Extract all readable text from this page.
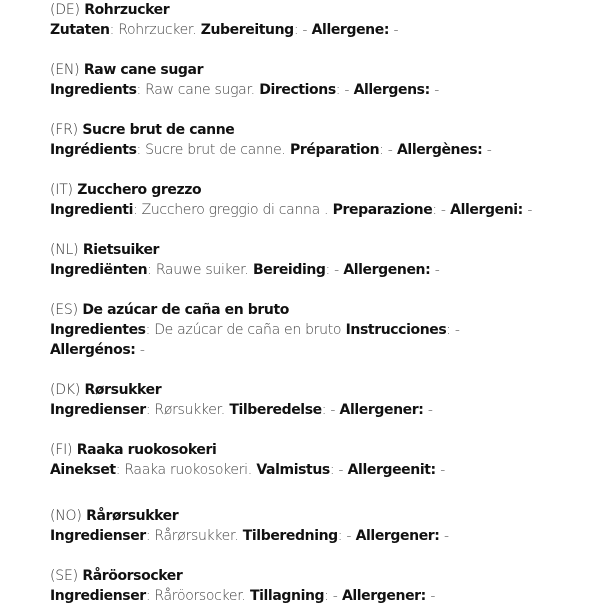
(DE) Rohrzucker
Zutaten: Rohrzucker. Zubereitung: - Allergene: -
(EN) Raw cane sugar
Ingredients: Raw cane sugar. Directions: - Allergens: -
(FR) Sucre brut de canne
Ingrédients: Sucre brut de canne. Préparation: - Allergènes: -
(IT) Zucchero grezzo
Ingredienti: Zucchero greggio di canna . Preparazione: - Allergeni: -
(NL) Rietsuiker
Ingrediënten: Rauwe suiker. Bereiding: - Allergenen: -
(ES) De azúcar de caña en bruto
Ingredientes: De azúcar de caña en bruto Instrucciones: -
Allergénos: -
(DK) Rørsukker
Ingredienser: Rørsukker. Tilberedelse: - Allergener: -
(FI) Raaka ruokosokeri
Ainekset: Raaka ruokosokeri. Valmistus: - Allergeenit: -
(NO) Rårørsukker
Ingredienser: Rårørsukker. Tilberedning: - Allergener: -
(SE) Råröorsocker
Ingredienser: Råröorsocker. Tillagning: - Allergener: -
